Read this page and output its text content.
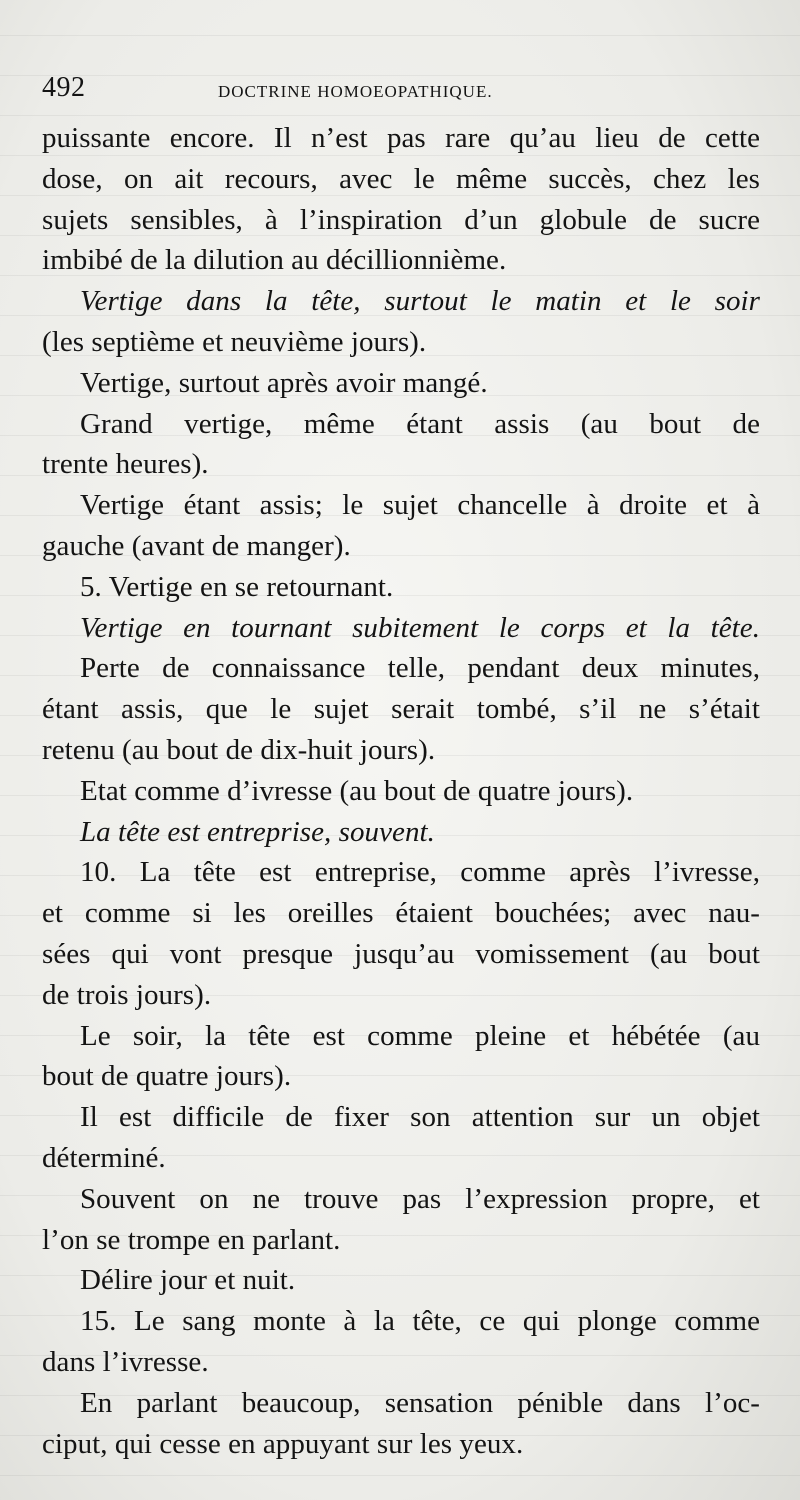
492	DOCTRINE HOMOEOPATHIQUE.
puissante encore. Il n’est pas rare qu’au lieu de cette
dose, on ait recours, avec le même succès, chez les
sujets sensibles, à l’inspiration d’un globule de sucre
imbibé de la dilution au décillionnième.
Vertige dans la tête, surtout le matin et le soir
(les septième et neuvième jours).
Vertige, surtout après avoir mangé.
Grand vertige, même étant assis (au bout de
trente heures).
Vertige étant assis; le sujet chancelle à droite et à
gauche (avant de manger).
5. Vertige en se retournant.
Vertige en tournant subitement le corps et la tête.
Perte de connaissance telle, pendant deux minutes,
étant assis, que le sujet serait tombé, s’il ne s’était
retenu (au bout de dix-huit jours).
Etat comme d’ivresse (au bout de quatre jours).
La tête est entreprise, souvent.
10. La tête est entreprise, comme après l’ivresse,
et comme si les oreilles étaient bouchées; avec nau-
sées qui vont presque jusqu’au vomissement (au bout
de trois jours).
Le soir, la tête est comme pleine et hébétée (au
bout de quatre jours).
Il est difficile de fixer son attention sur un objet
déterminé.
Souvent on ne trouve pas l’expression propre, et
l’on se trompe en parlant.
Délire jour et nuit.
15. Le sang monte à la tête, ce qui plonge comme
dans l’ivresse.
En parlant beaucoup, sensation pénible dans l’oc-
ciput, qui cesse en appuyant sur les yeux.
